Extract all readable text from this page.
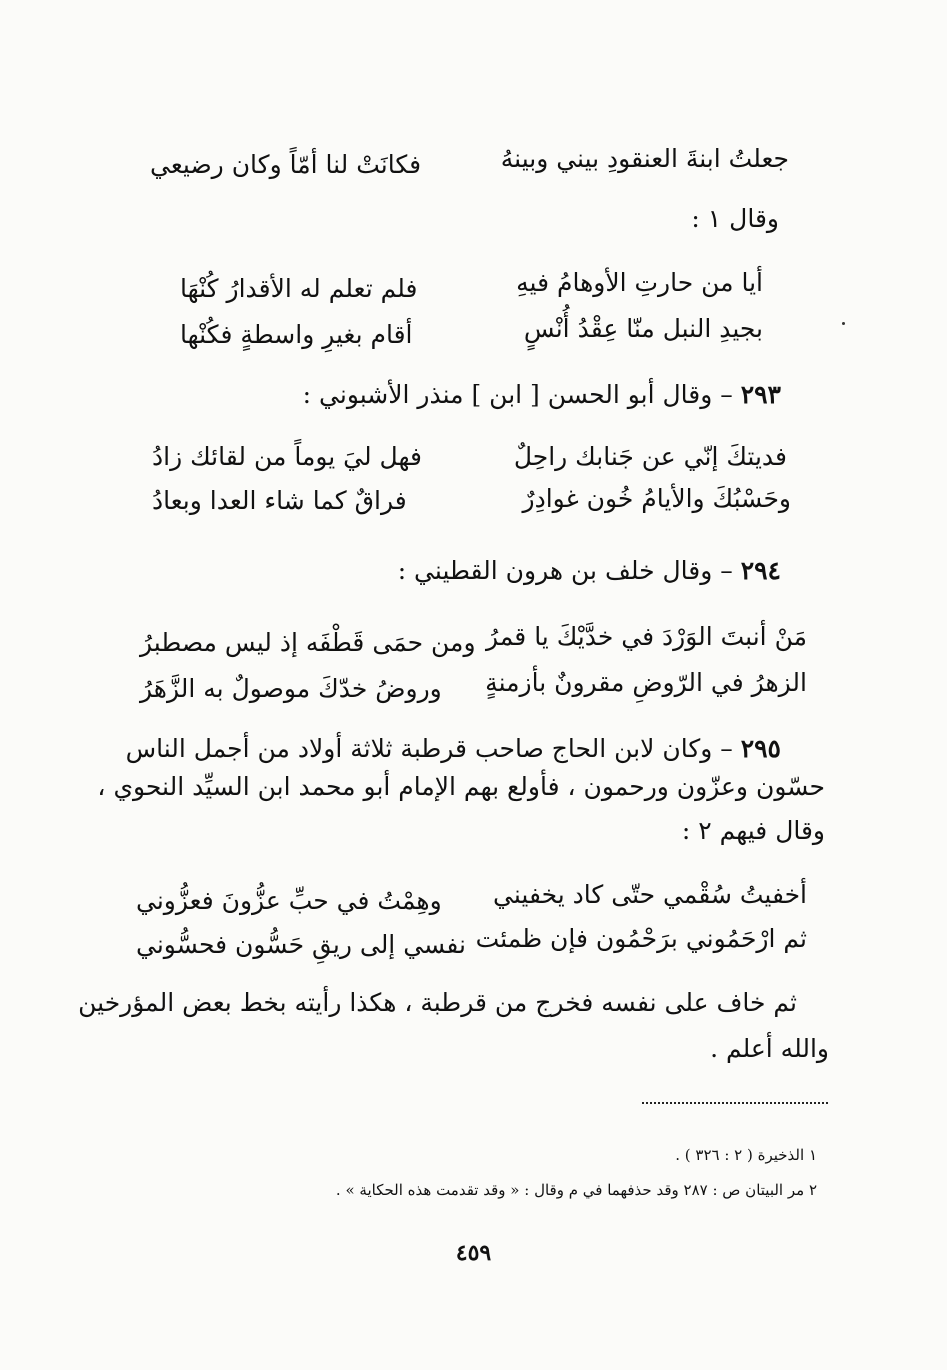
جعلتُ ابنةَ العنقودِ بيني وبينهُ
فكانَتْ لنا أمّاً وكان رضيعي
وقال ١ :
أيا من حارتِ الأوهامُ فيهِ
فلم تعلم له الأقدارُ كُنْهَا
بجيدِ النبل منّا عِقْدُ أُنْسٍ
أقام بغيرِ واسطةٍ فكُنْها
٢٩٣ – وقال أبو الحسن [ ابن ] منذر الأشبوني :
فديتكَ إنّي عن جَنابك راحِلٌ
فهل ليَ يوماً من لقائك زادُ
وحَسْبُكَ والأيامُ خُون غوادِرٌ
فراقٌ كما شاء العدا وبعادُ
٢٩٤ – وقال خلف بن هرون القطيني :
مَنْ أنبتَ الوَرْدَ في خدَّيْكَ يا قمرُ
ومن حمَى قَطْفَه إذ ليس مصطبرُ
الزهرُ في الرّوضِ مقرونٌ بأزمنةٍ
وروضُ خدّكَ موصولٌ به الزَّهَرُ
٢٩٥ – وكان لابن الحاج صاحب قرطبة ثلاثة أولاد من أجمل الناس
حسّون وعزّون ورحمون ، فأولع بهم الإمام أبو محمد ابن السيِّد النحوي ،
وقال فيهم ٢ :
أخفيتُ سُقْمي حتّى كاد يخفيني
وهِمْتُ في حبِّ عزُّونَ فعزُّوني
ثم ارْحَمُوني برَحْمُون فإن ظمئت
نفسي إلى ريقِ حَسُّون فحسُّوني
ثم خاف على نفسه فخرج من قرطبة ، هكذا رأيته بخط بعض المؤرخين
والله أعلم .
١ الذخيرة ( ٢ : ٣٢٦ ) .
٢ مر البيتان ص : ٢٨٧ وقد حذفهما في م وقال : « وقد تقدمت هذه الحكاية » .
٤٥٩
